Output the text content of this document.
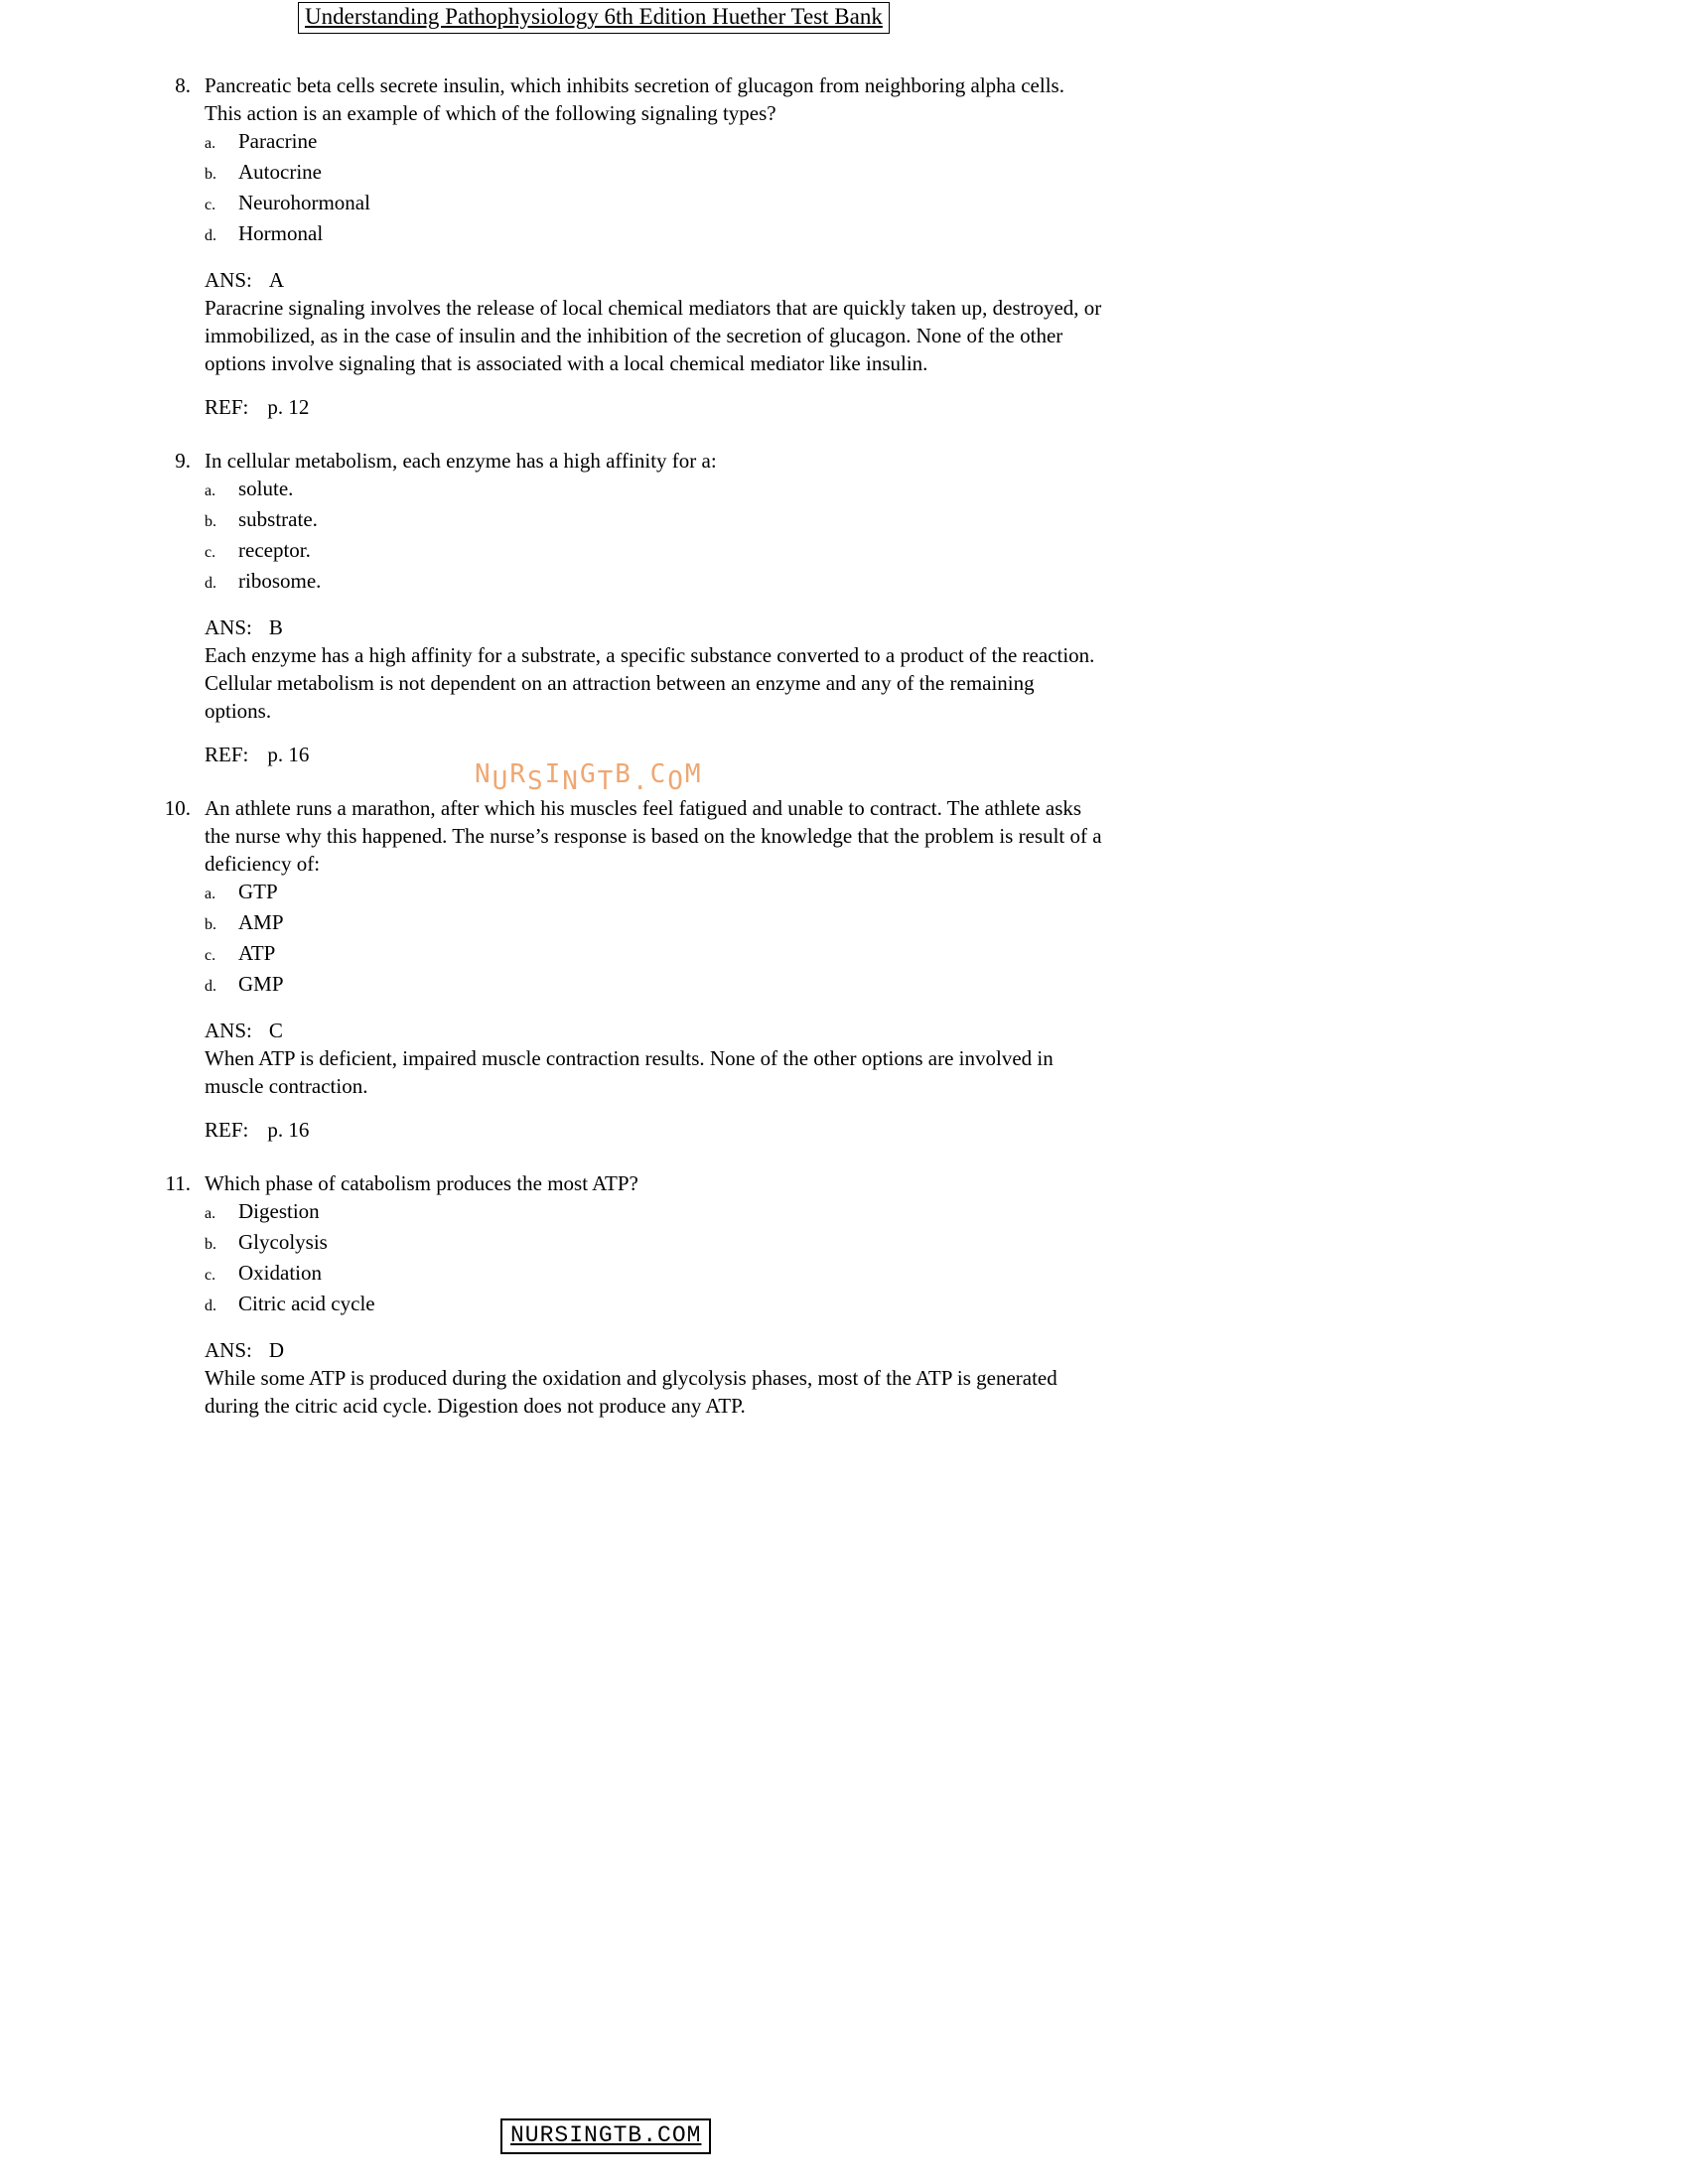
Understanding Pathophysiology 6th Edition Huether Test Bank
8. Pancreatic beta cells secrete insulin, which inhibits secretion of glucagon from neighboring alpha cells. This action is an example of which of the following signaling types?
a.	Paracrine
b.	Autocrine
c.	Neurohormonal
d.	Hormonal
ANS: A
Paracrine signaling involves the release of local chemical mediators that are quickly taken up, destroyed, or immobilized, as in the case of insulin and the inhibition of the secretion of glucagon. None of the other options involve signaling that is associated with a local chemical mediator like insulin.
REF: p. 12
9. In cellular metabolism, each enzyme has a high affinity for a:
a.	solute.
b.	substrate.
c.	receptor.
d.	ribosome.
ANS: B
Each enzyme has a high affinity for a substrate, a specific substance converted to a product of the reaction. Cellular metabolism is not dependent on an attraction between an enzyme and any of the remaining options.
REF: p. 16
10. An athlete runs a marathon, after which his muscles feel fatigued and unable to contract. The athlete asks the nurse why this happened. The nurse’s response is based on the knowledge that the problem is result of a deficiency of:
a.	GTP
b.	AMP
c.	ATP
d.	GMP
ANS: C
When ATP is deficient, impaired muscle contraction results. None of the other options are involved in muscle contraction.
REF: p. 16
11. Which phase of catabolism produces the most ATP?
a.	Digestion
b.	Glycolysis
c.	Oxidation
d.	Citric acid cycle
ANS: D
While some ATP is produced during the oxidation and glycolysis phases, most of the ATP is generated during the citric acid cycle. Digestion does not produce any ATP.
NURSINGTB.COM
NURSINGTB.COM
